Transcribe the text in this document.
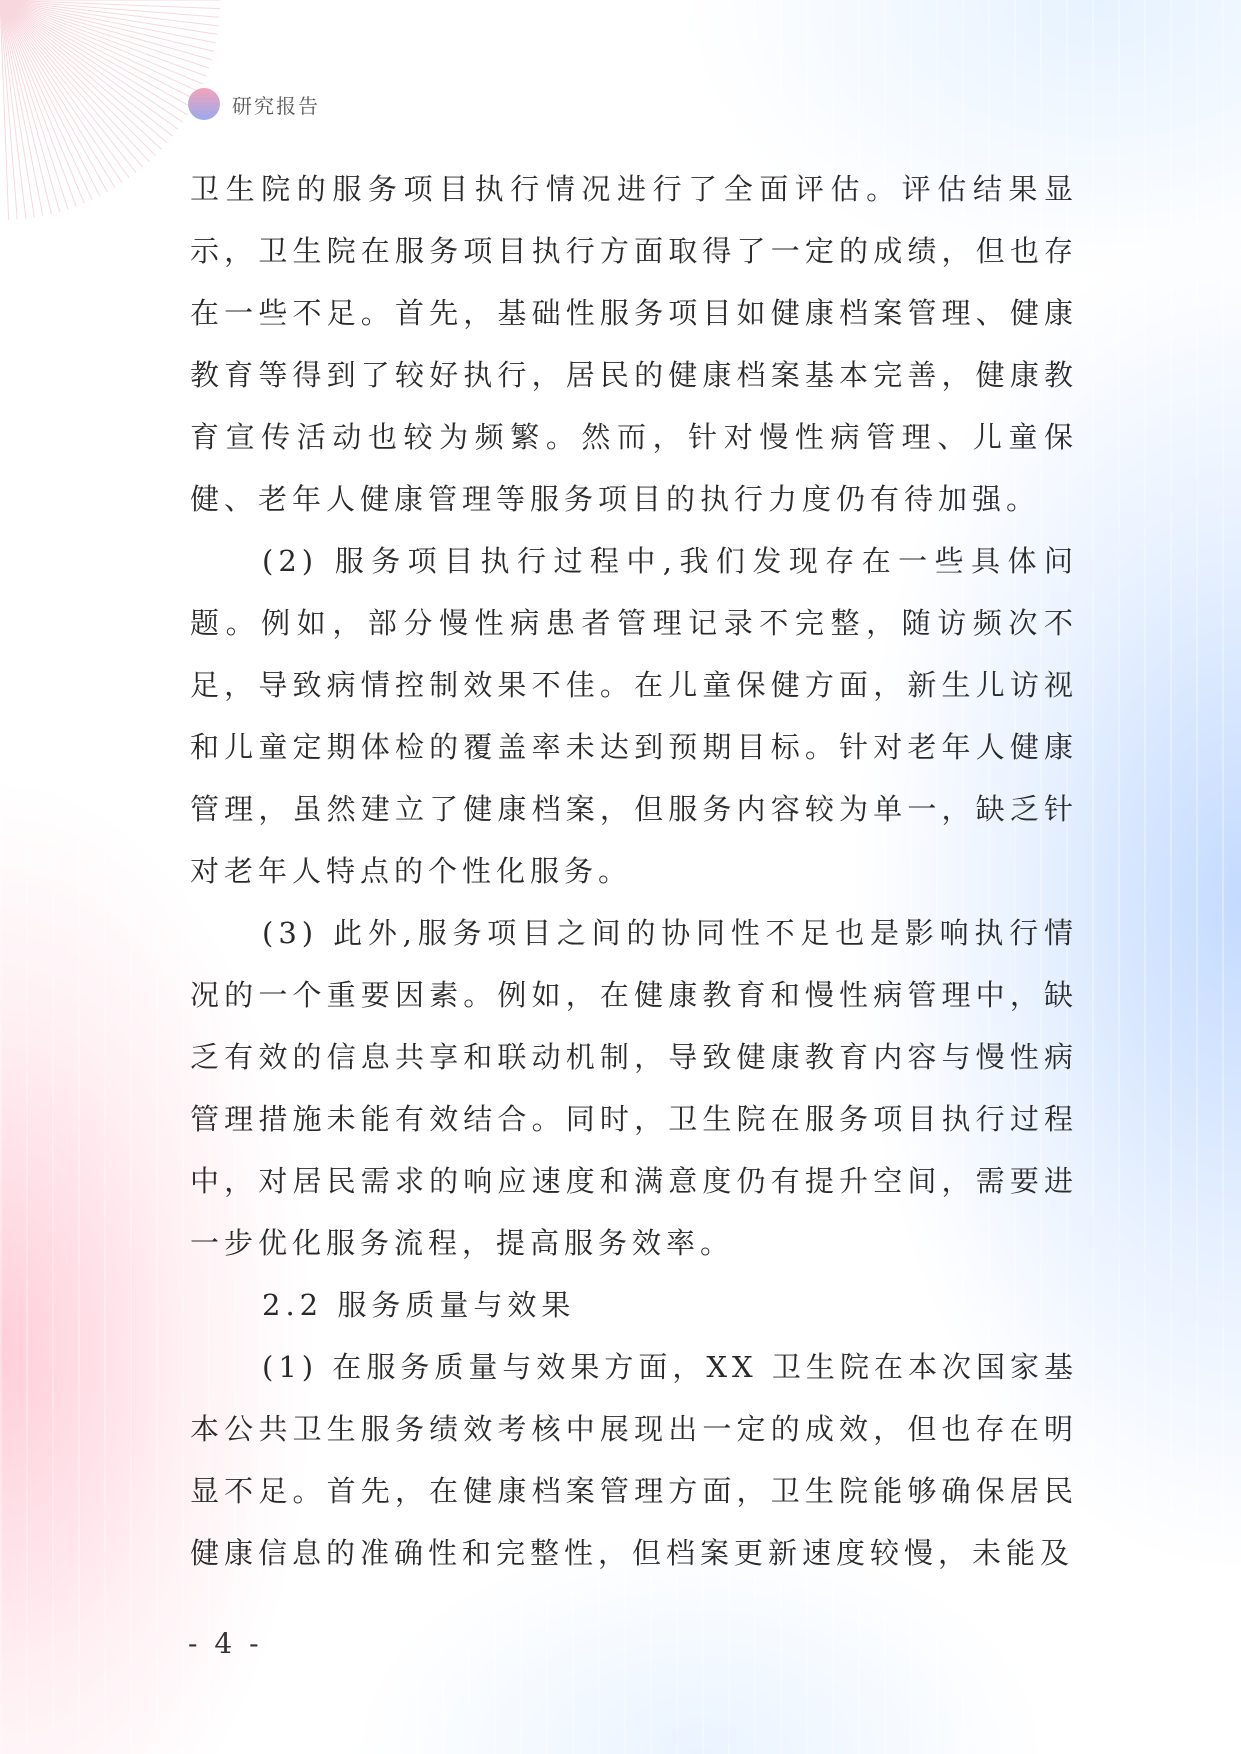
研究报告

卫生院的服务项目执行情况进行了全面评估。评估结果显示，卫生院在服务项目执行方面取得了一定的成绩，但也存在一些不足。首先，基础性服务项目如健康档案管理、健康教育等得到了较好执行，居民的健康档案基本完善，健康教育宣传活动也较为频繁。然而，针对慢性病管理、儿童保健、老年人健康管理等服务项目的执行力度仍有待加强。

(2) 服务项目执行过程中,我们发现存在一些具体问题。例如，部分慢性病患者管理记录不完整，随访频次不足，导致病情控制效果不佳。在儿童保健方面，新生儿访视和儿童定期体检的覆盖率未达到预期目标。针对老年人健康管理，虽然建立了健康档案，但服务内容较为单一，缺乏针对老年人特点的个性化服务。

(3) 此外,服务项目之间的协同性不足也是影响执行情况的一个重要因素。例如，在健康教育和慢性病管理中，缺乏有效的信息共享和联动机制，导致健康教育内容与慢性病管理措施未能有效结合。同时，卫生院在服务项目执行过程中，对居民需求的响应速度和满意度仍有提升空间，需要进一步优化服务流程，提高服务效率。

2.2 服务质量与效果

(1) 在服务质量与效果方面，XX 卫生院在本次国家基本公共卫生服务绩效考核中展现出一定的成效，但也存在明显不足。首先，在健康档案管理方面，卫生院能够确保居民健康信息的准确性和完整性，但档案更新速度较慢，未能及

- 4 -
